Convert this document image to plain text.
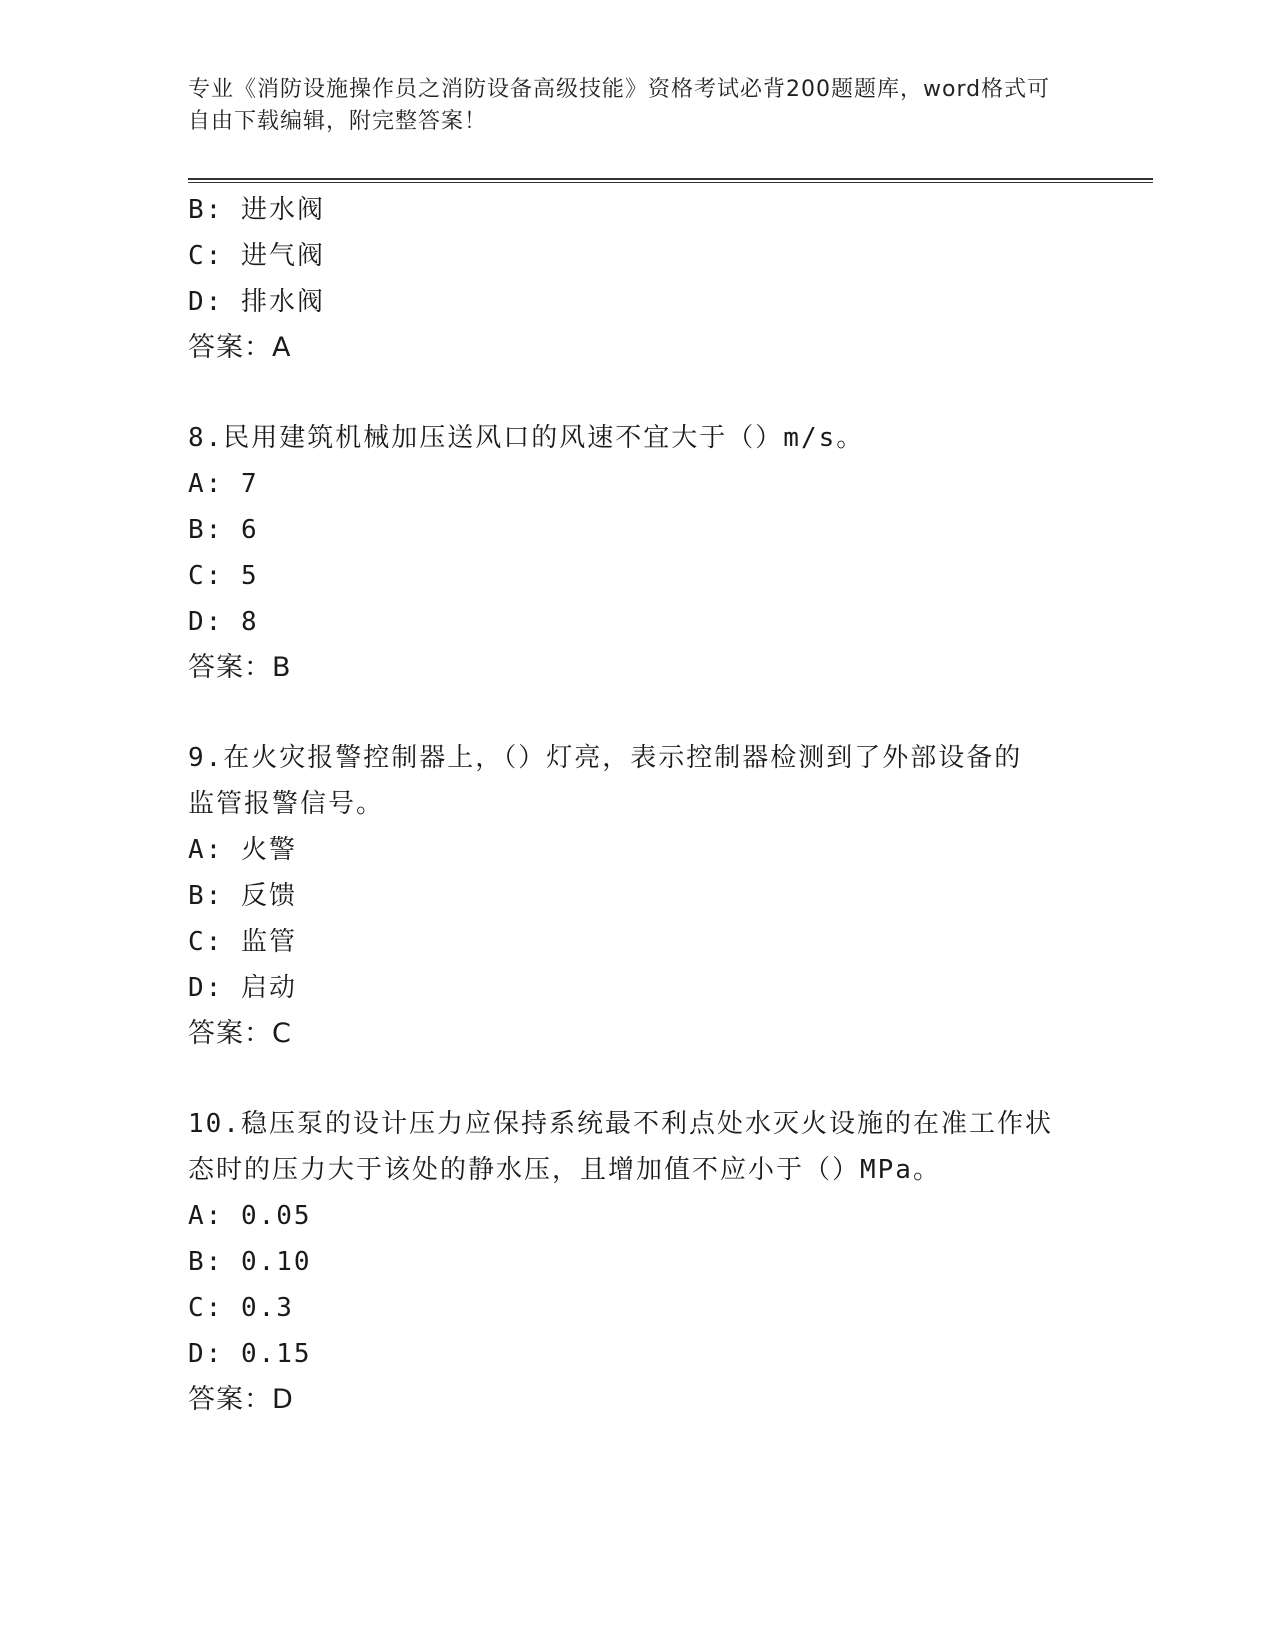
专业《消防设施操作员之消防设备高级技能》资格考试必背200题题库，word格式可自由下载编辑，附完整答案！
B: 进水阀
C: 进气阀
D: 排水阀
答案：A
8.民用建筑机械加压送风口的风速不宜大于（）m/s。
A: 7
B: 6
C: 5
D: 8
答案：B
9.在火灾报警控制器上，（）灯亮，表示控制器检测到了外部设备的
监管报警信号。
A: 火警
B: 反馈
C: 监管
D: 启动
答案：C
10.稳压泵的设计压力应保持系统最不利点处水灭火设施的在准工作状
态时的压力大于该处的静水压，且增加值不应小于（）MPa。
A: 0.05
B: 0.10
C: 0.3
D: 0.15
答案：D
